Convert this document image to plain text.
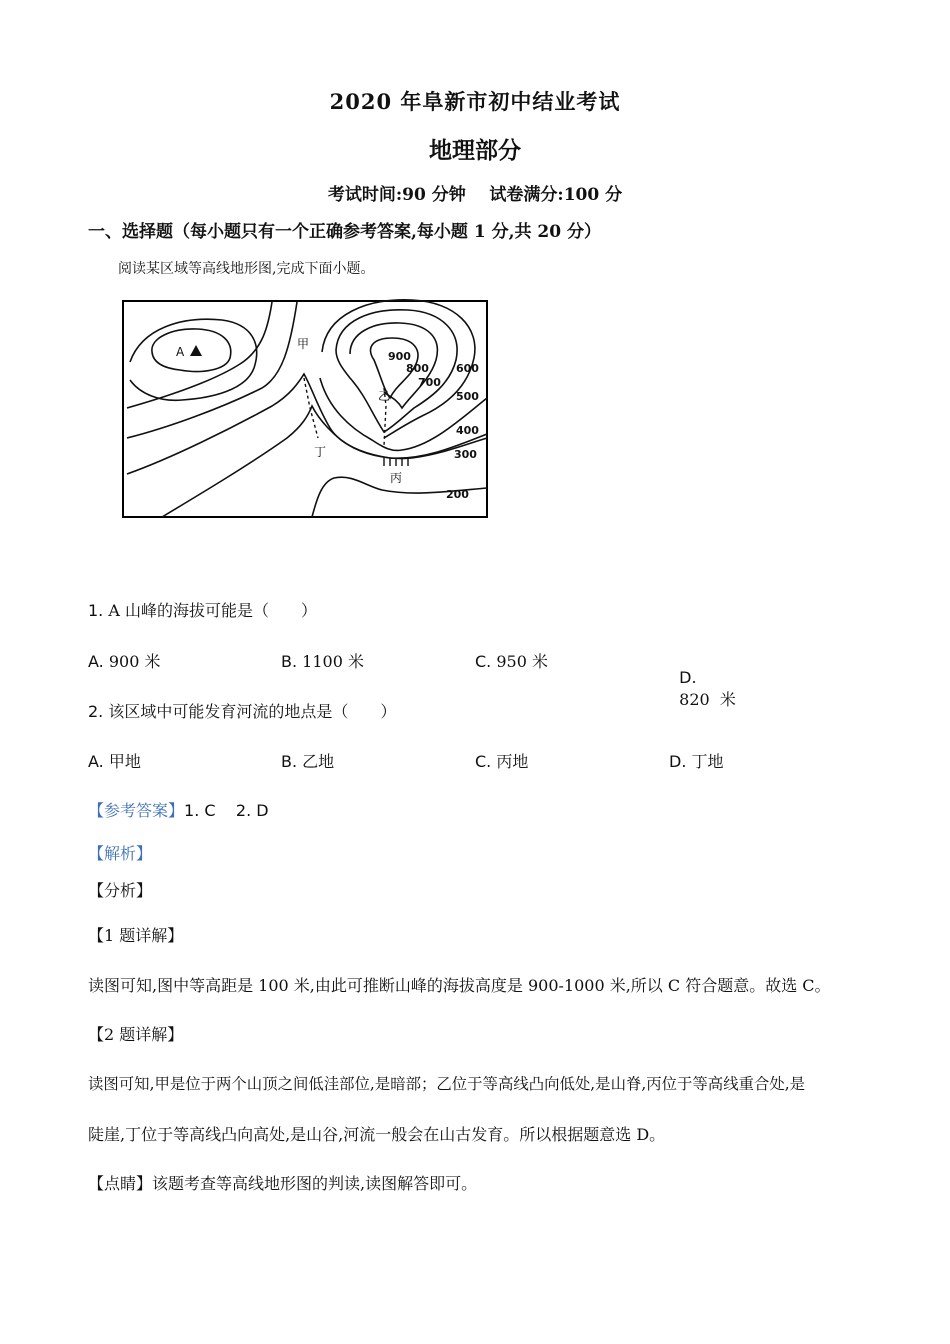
2020 年阜新市初中结业考试
地理部分
考试时间:90 分钟    试卷满分:100 分
一、选择题（每小题只有一个正确参考答案,每小题 1 分,共 20 分）
阅读某区域等高线地形图,完成下面小题。
A
甲
乙
丙
丁
900
800
700
600
500
400
300
200
1. A 山峰的海拔可能是（　　）
A. 900 米	B. 1100 米	C. 950 米

D.
820  米

2. 该区域中可能发育河流的地点是（　　）
A. 甲地	B. 乙地	C. 丙地	D. 丁地
【参考答案】1. C    2. D
【解析】
【分析】
【1 题详解】
读图可知,图中等高距是 100 米,由此可推断山峰的海拔高度是 900-1000 米,所以 C 符合题意。故选 C。
【2 题详解】
读图可知,甲是位于两个山顶之间低洼部位,是暗部；乙位于等高线凸向低处,是山脊,丙位于等高线重合处,是
陡崖,丁位于等高线凸向高处,是山谷,河流一般会在山古发育。所以根据题意选 D。
【点睛】该题考查等高线地形图的判读,读图解答即可。
